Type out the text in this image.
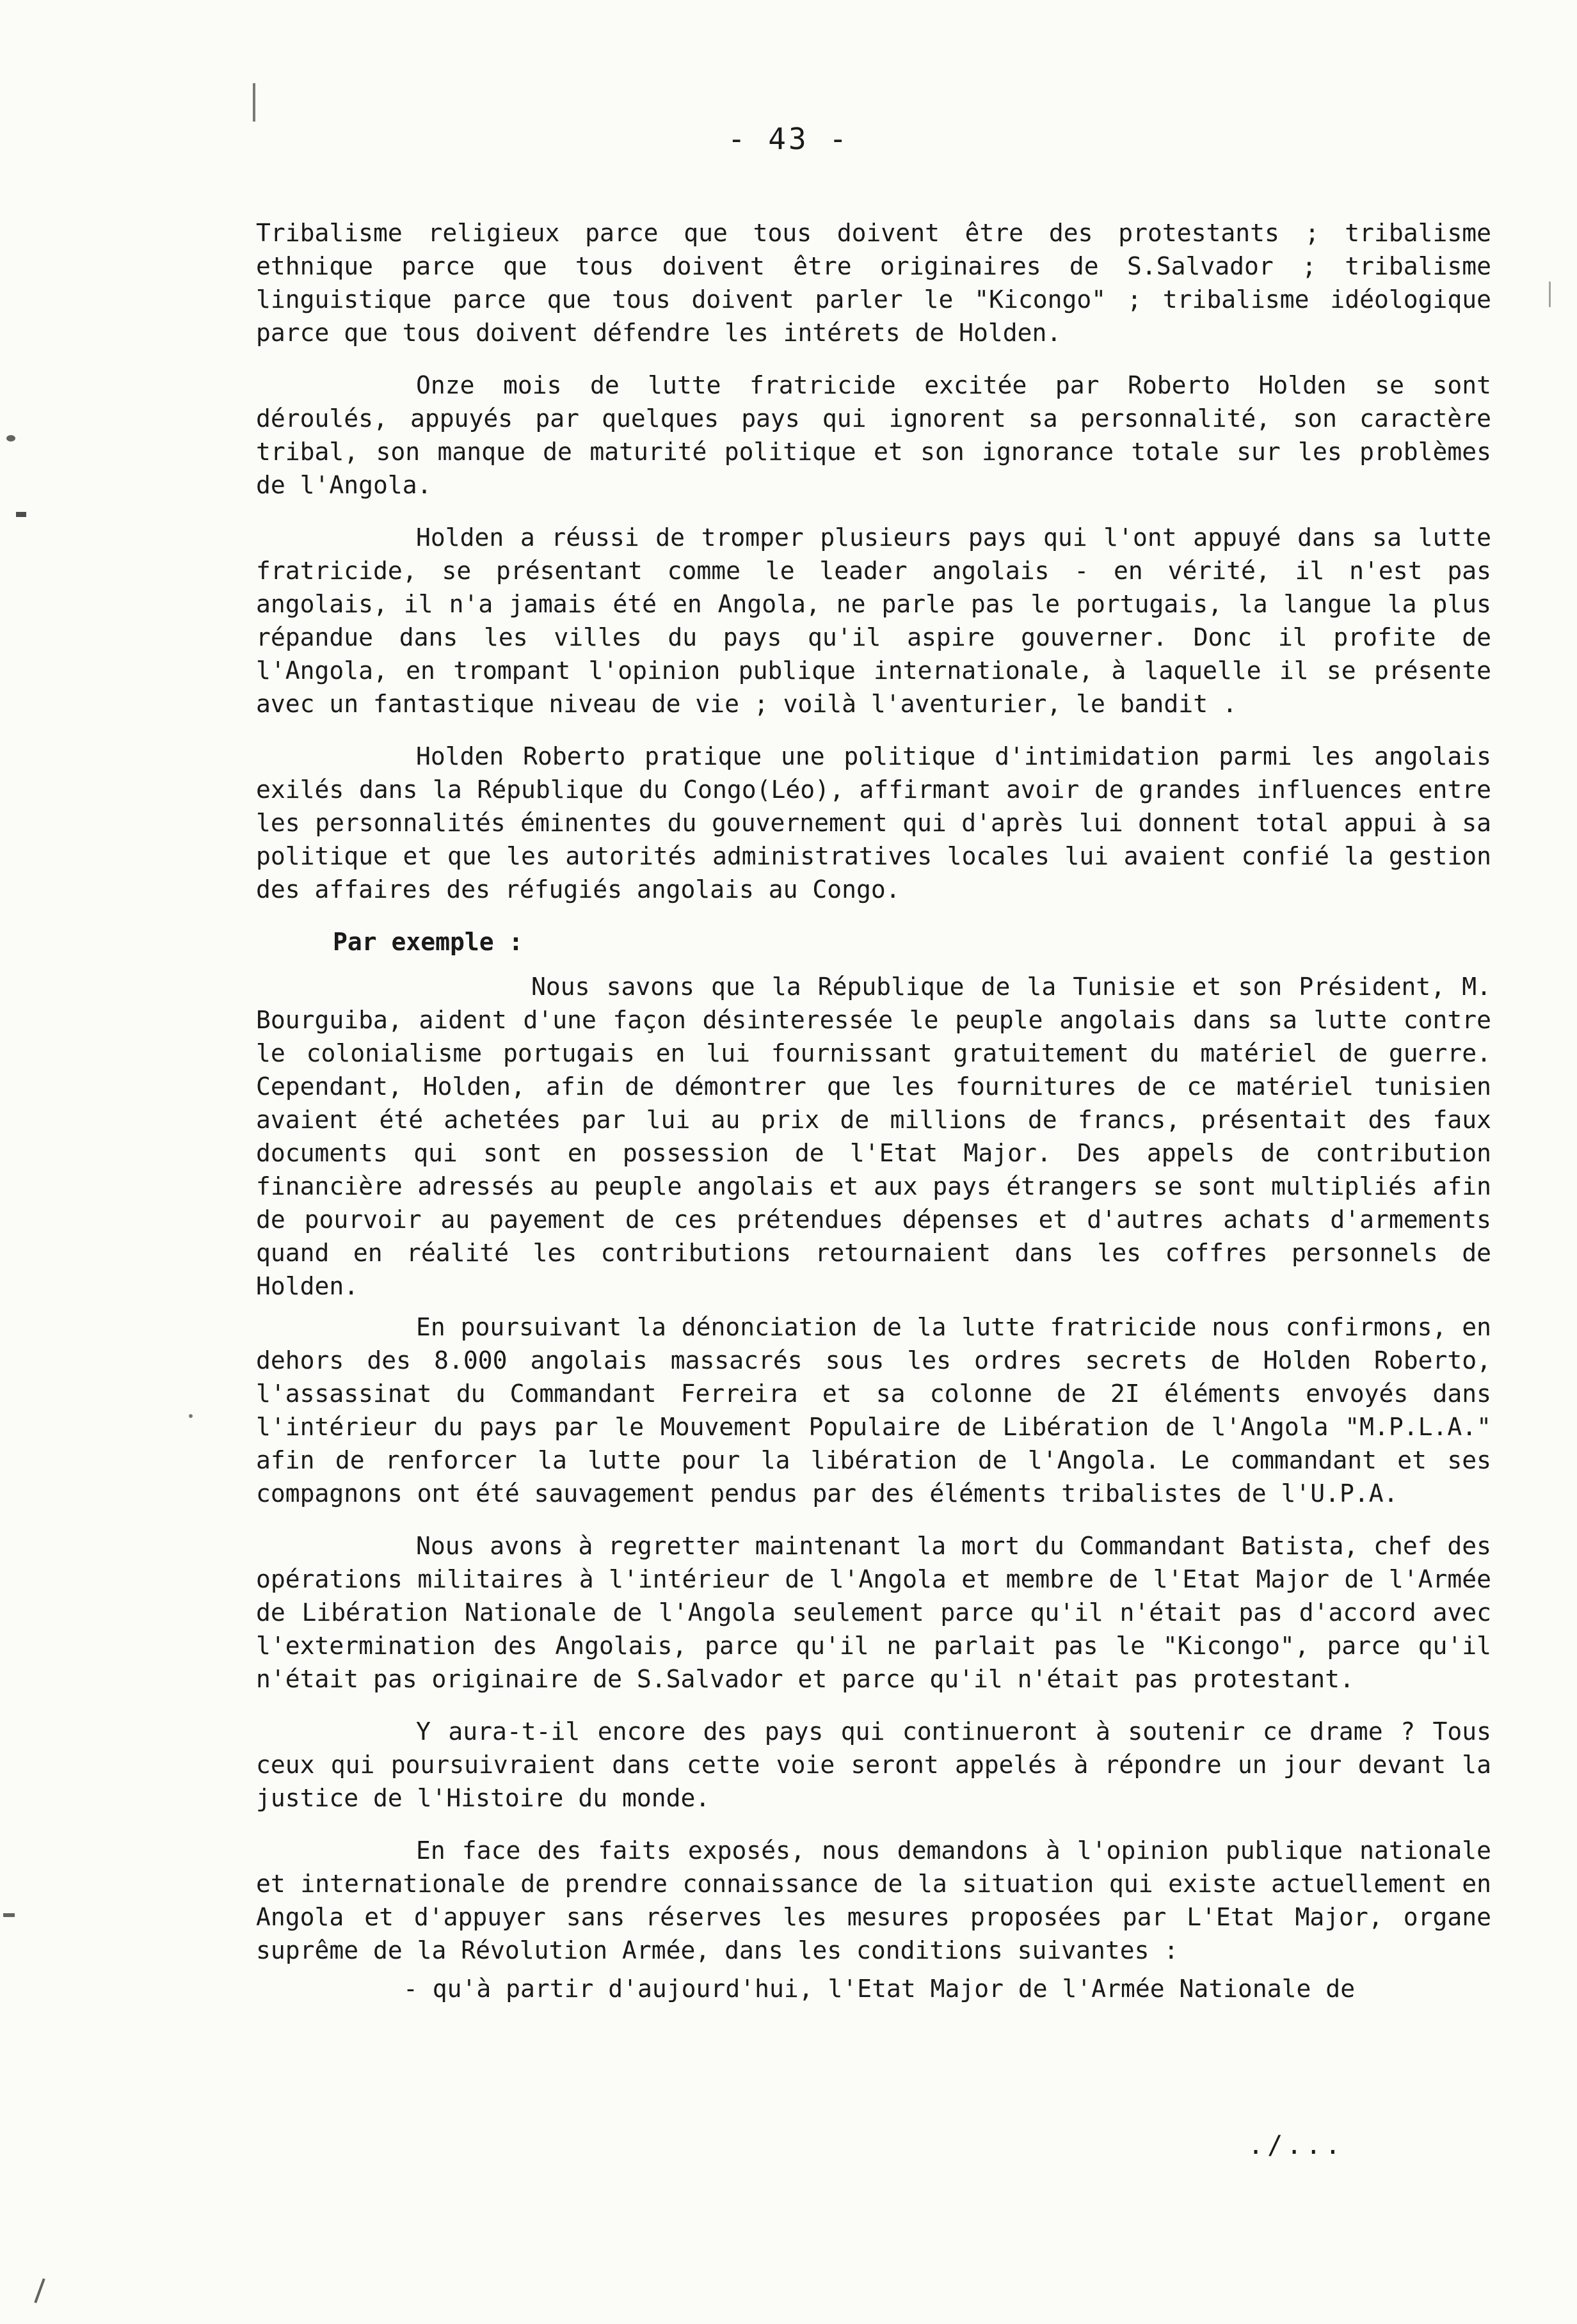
- 43 -

Tribalisme religieux parce que tous doivent être des protestants ; tribalisme ethnique parce que tous doivent être originaires de S.Salvador ; tribalisme linguistique parce que tous doivent parler le "Kicongo" ; tribalisme idéologique parce que tous doivent défendre les intérets de Holden.

Onze mois de lutte fratricide excitée par Roberto Holden se sont déroulés, appuyés par quelques pays qui ignorent sa personnalité, son caractère tribal, son manque de maturité politique et son ignorance totale sur les problèmes de l'Angola.

Holden a réussi de tromper plusieurs pays qui l'ont appuyé dans sa lutte fratricide, se présentant comme le leader angolais - en vérité, il n'est pas angolais, il n'a jamais été en Angola, ne parle pas le portugais, la langue la plus répandue dans les villes du pays qu'il aspire gouverner. Donc il profite de l'Angola, en trompant l'opinion publique internationale, à laquelle il se présente avec un fantastique niveau de vie ; voilà l'aventurier, le bandit .

Holden Roberto pratique une politique d'intimidation parmi les angolais exilés dans la République du Congo(Léo), affirmant avoir de grandes influences entre les personnalités éminentes du gouvernement qui d'après lui donnent total appui à sa politique et que les autorités administratives locales lui avaient confié la gestion des affaires des réfugiés angolais au Congo.

Par exemple :

Nous savons que la République de la Tunisie et son Président, M. Bourguiba, aident d'une façon désinteressée le peuple angolais dans sa lutte contre le colonialisme portugais en lui fournissant gratuitement du matériel de guerre. Cependant, Holden, afin de démontrer que les fournitures de ce matériel tunisien avaient été achetées par lui au prix de millions de francs, présentait des faux documents qui sont en possession de l'Etat Major. Des appels de contribution financière adressés au peuple angolais et aux pays étrangers se sont multipliés afin de pourvoir au payement de ces prétendues dépenses et d'autres achats d'armements quand en réalité les contributions retournaient dans les coffres personnels de Holden.

En poursuivant la dénonciation de la lutte fratricide nous confirmons, en dehors des 8.000 angolais massacrés sous les ordres secrets de Holden Roberto, l'assassinat du Commandant Ferreira et sa colonne de 2I éléments envoyés dans l'intérieur du pays par le Mouvement Populaire de Libération de l'Angola "M.P.L.A." afin de renforcer la lutte pour la libération de l'Angola. Le commandant et ses compagnons ont été sauvagement pendus par des éléments tribalistes de l'U.P.A.

Nous avons à regretter maintenant la mort du Commandant Batista, chef des opérations militaires à l'intérieur de l'Angola et membre de l'Etat Major de l'Armée de Libération Nationale de l'Angola seulement parce qu'il n'était pas d'accord avec l'extermination des Angolais, parce qu'il ne parlait pas le "Kicongo", parce qu'il n'était pas originaire de S.Salvador et parce qu'il n'était pas protestant.

Y aura-t-il encore des pays qui continueront à soutenir ce drame ? Tous ceux qui poursuivraient dans cette voie seront appelés à répondre un jour devant la justice de l'Histoire du monde.

En face des faits exposés, nous demandons à l'opinion publique nationale et internationale de prendre connaissance de la situation qui existe actuellement en Angola et d'appuyer sans réserves les mesures proposées par L'Etat Major, organe suprême de la Révolution Armée, dans les conditions suivantes :

- qu'à partir d'aujourd'hui, l'Etat Major de l'Armée Nationale de

./...
